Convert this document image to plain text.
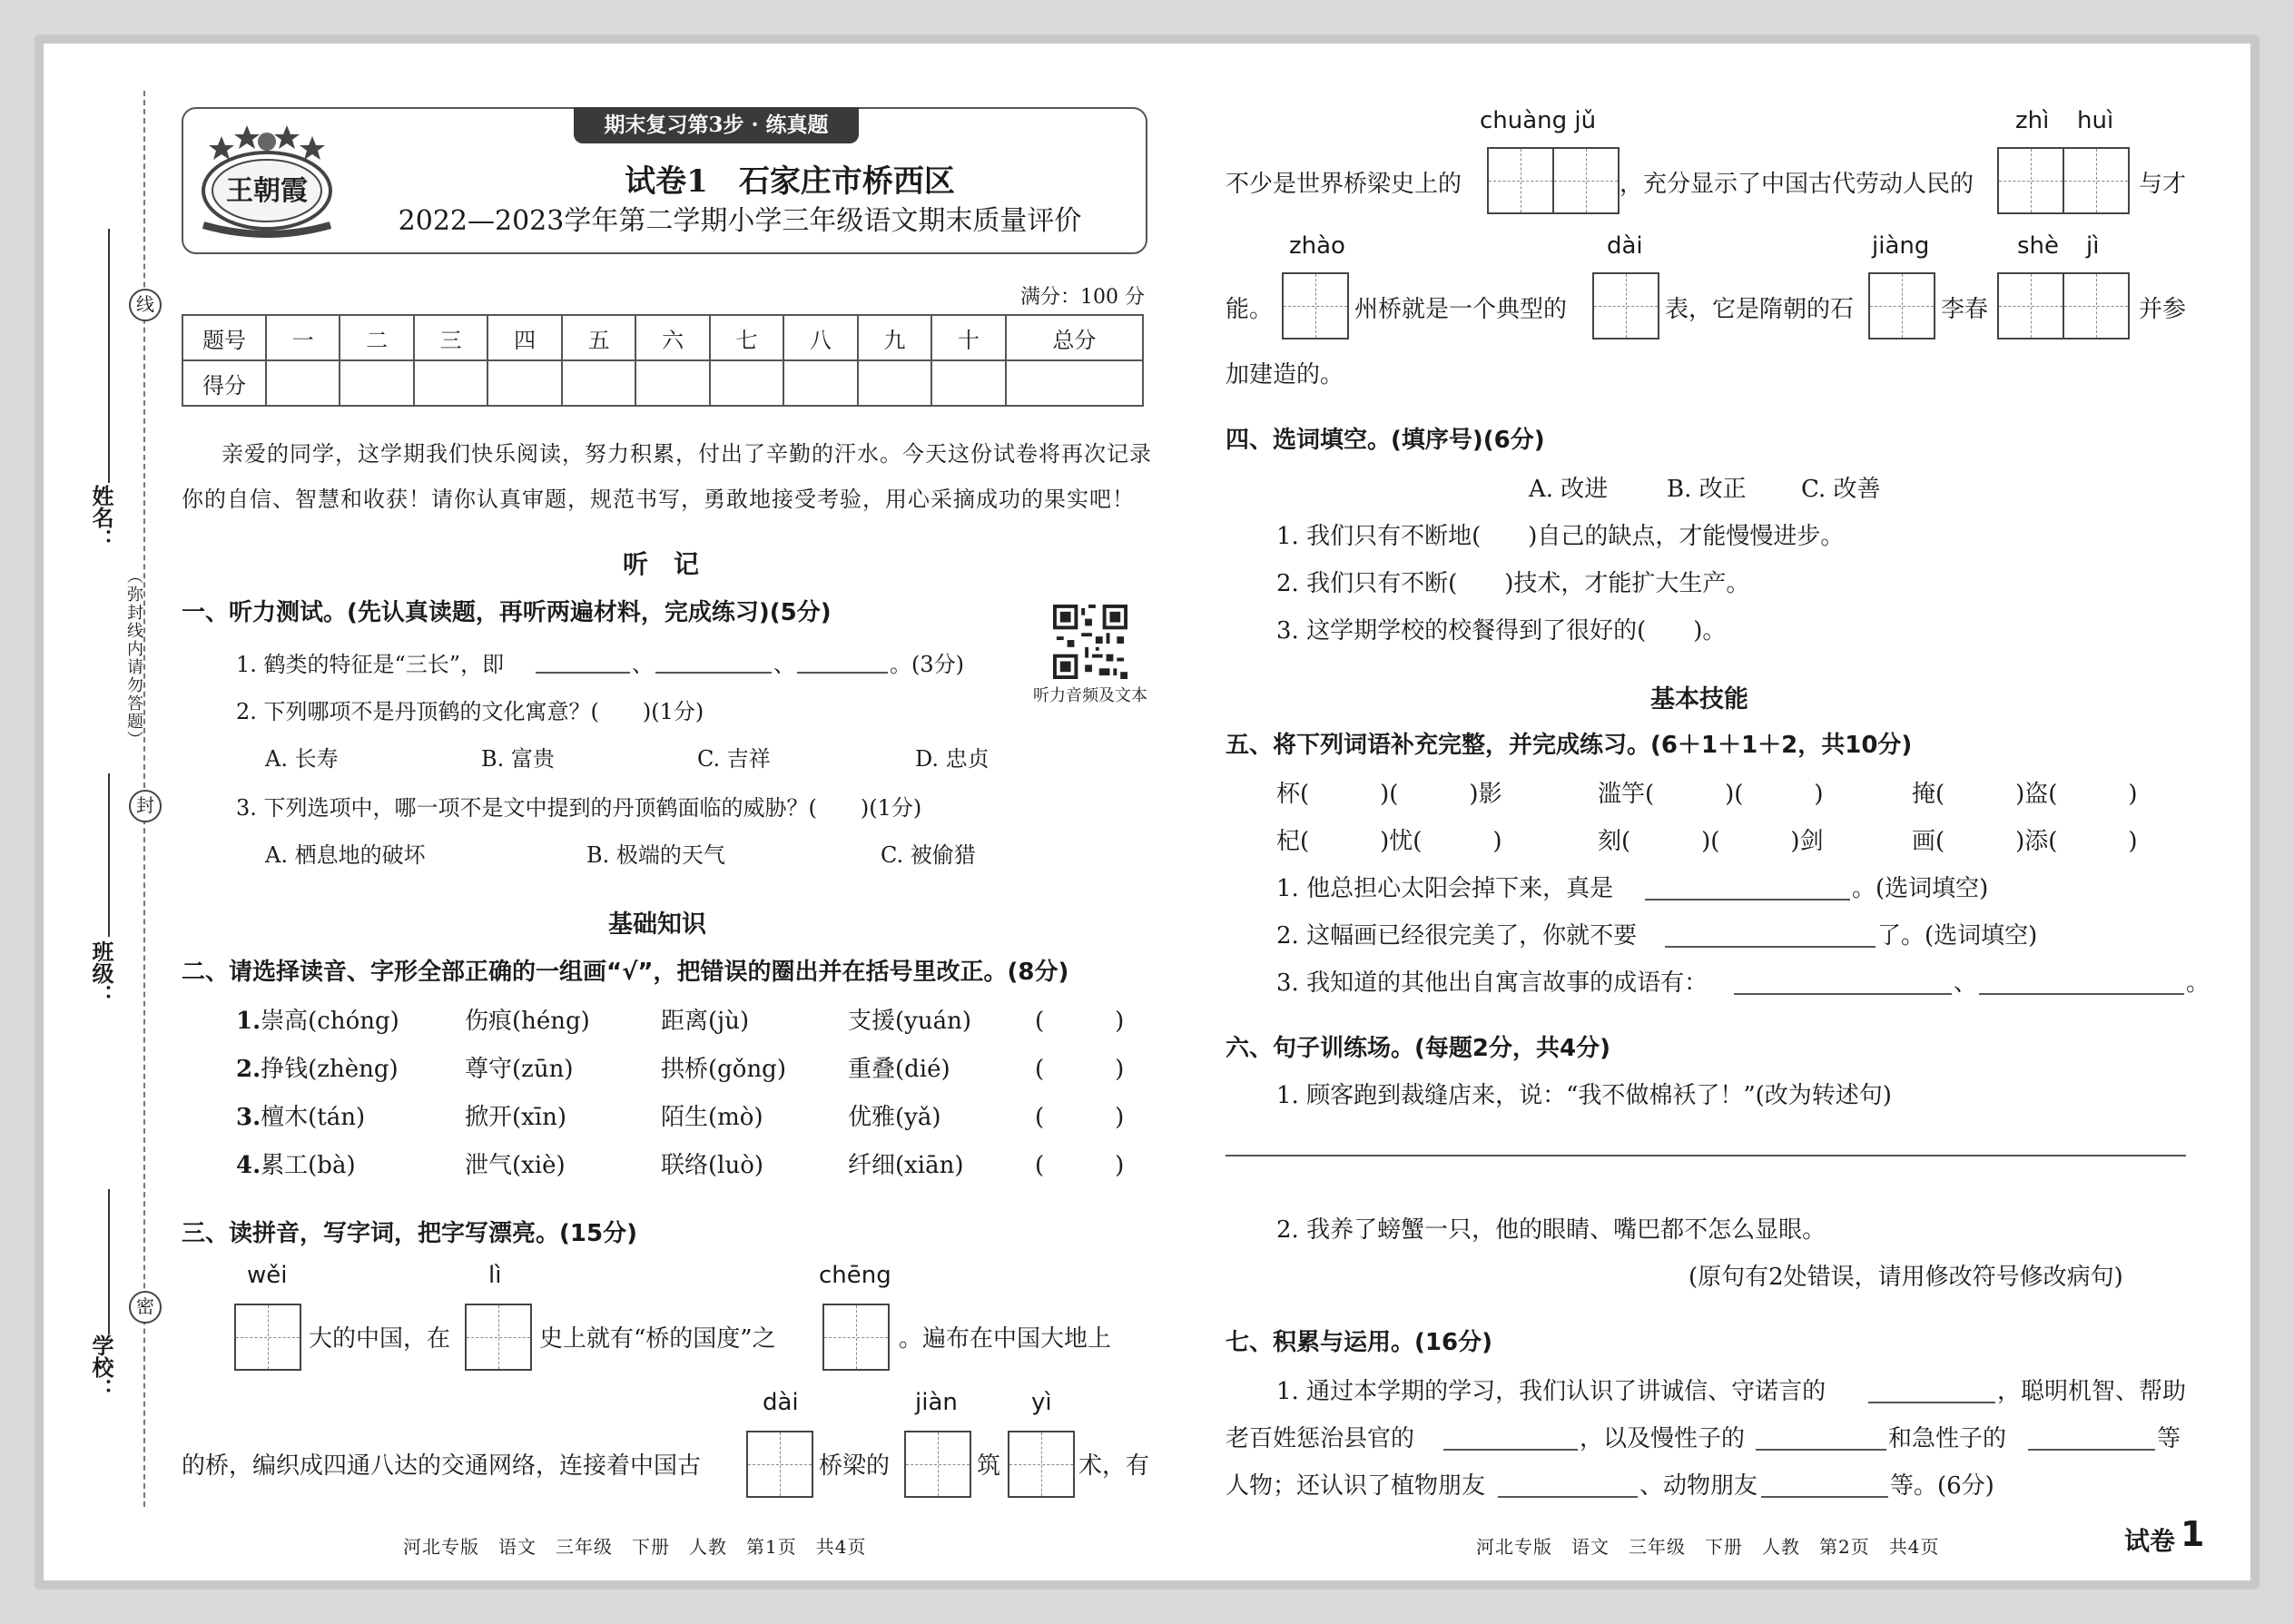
线
封
密
姓名：
班级：
学校：
（弥封线内请勿答题）
期末复习第3步 · 练真题
王朝霞	试卷1　石家庄市桥西区
2022—2023学年第二学期小学三年级语文期末质量评价
满分：100 分
题号	一	二	三	四	五	六	七	八	九	十	总分
得分											
亲爱的同学，这学期我们快乐阅读，努力积累，付出了辛勤的汗水。今天这份试卷将再次记录
你的自信、智慧和收获！请你认真审题，规范书写，勇敢地接受考验，用心采摘成功的果实吧！
听　记
一、听力测试。(先认真读题，再听两遍材料，完成练习)(5分)
听力音频及文本
1. 鹤类的特征是“三长”，即	、	、	。(3分)
2. 下列哪项不是丹顶鹤的文化寓意？(　　)(1分)
A. 长寿	B. 富贵	C. 吉祥	D. 忠贞
3. 下列选项中，哪一项不是文中提到的丹顶鹤面临的威胁？(　　)(1分)
A. 栖息地的破坏	B. 极端的天气	C. 被偷猎
基础知识
二、请选择读音、字形全部正确的一组画“√”，把错误的圈出并在括号里改正。(8分)
1.崇高(chóng)	伤痕(héng)	距离(jù)	支援(yuán)	(　　　)
2.挣钱(zhèng)	尊守(zūn)	拱桥(gǒng)	重叠(dié)	(　　　)
3.檀木(tán)	掀开(xīn)	陌生(mò)	优雅(yǎ)	(　　　)
4.累工(bà)	泄气(xiè)	联络(luò)	纤细(xiān)	(　　　)
三、读拼音，写字词，把字写漂亮。(15分)
wěi	lì	chēng
大的中国，在	史上就有“桥的国度”之	。遍布在中国大地上
dài	jiàn	yì
的桥，编织成四通八达的交通网络，连接着中国古	桥梁的	筑	术，有
河北专版　语文　三年级　下册　人教　第1页　共4页
chuàng jǔ	zhì huì
不少是世界桥梁史上的	，充分显示了中国古代劳动人民的	与才
zhào	dài	jiàng	shè jì
能。	州桥就是一个典型的	表，它是隋朝的石	李春	并参
加建造的。
四、选词填空。(填序号)(6分)
A. 改进 B. 改正 C. 改善
1. 我们只有不断地(　　)自己的缺点，才能慢慢进步。
2. 我们只有不断(　　)技术，才能扩大生产。
3. 这学期学校的校餐得到了很好的(　　)。
基本技能
五、将下列词语补充完整，并完成练习。(6＋1＋1＋2，共10分)
杯(　　　)(　　　)影	滥竽(　　　)(　　　)	掩(　　　)盗(　　　)
杞(　　　)忧(　　　)	刻(　　　)(　　　)剑	画(　　　)添(　　　)
1. 他总担心太阳会掉下来，真是	。(选词填空)
2. 这幅画已经很完美了，你就不要	了。(选词填空)
3. 我知道的其他出自寓言故事的成语有：	、	。
六、句子训练场。(每题2分，共4分)
1. 顾客跑到裁缝店来，说：“我不做棉袄了！”(改为转述句)
2. 我养了螃蟹一只，他的眼睛、嘴巴都不怎么显眼。
(原句有2处错误，请用修改符号修改病句)
七、积累与运用。(16分)
1. 通过本学期的学习，我们认识了讲诚信、守诺言的	，聪明机智、帮助
老百姓惩治县官的	，以及慢性子的	和急性子的	等
人物；还认识了植物朋友	、动物朋友	等。(6分)
河北专版　语文　三年级　下册　人教　第2页　共4页	试卷 1
